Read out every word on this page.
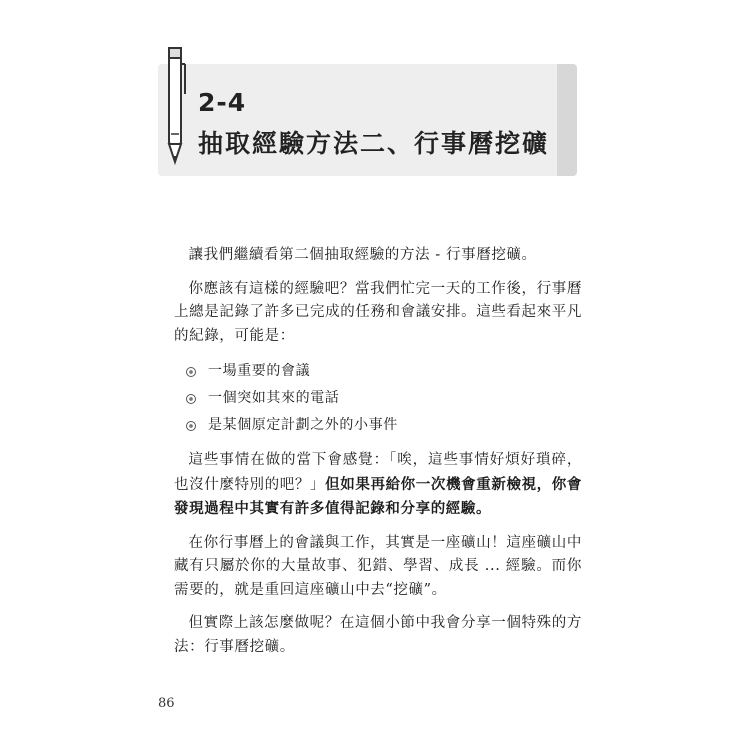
2-4
抽取經驗方法二、行事曆挖礦

讓我們繼續看第二個抽取經驗的方法 - 行事曆挖礦。

你應該有這樣的經驗吧？當我們忙完一天的工作後，行事曆上總是記錄了許多已完成的任務和會議安排。這些看起來平凡的紀錄，可能是：

一場重要的會議
一個突如其來的電話
是某個原定計劃之外的小事件

這些事情在做的當下會感覺：「唉，這些事情好煩好瑣碎，也沒什麼特別的吧？」但如果再給你一次機會重新檢視，你會發現過程中其實有許多值得記錄和分享的經驗。

在你行事曆上的會議與工作，其實是一座礦山！這座礦山中藏有只屬於你的大量故事、犯錯、學習、成長 ... 經驗。而你需要的，就是重回這座礦山中去“挖礦”。

但實際上該怎麼做呢？在這個小節中我會分享一個特殊的方法：行事曆挖礦。

86
